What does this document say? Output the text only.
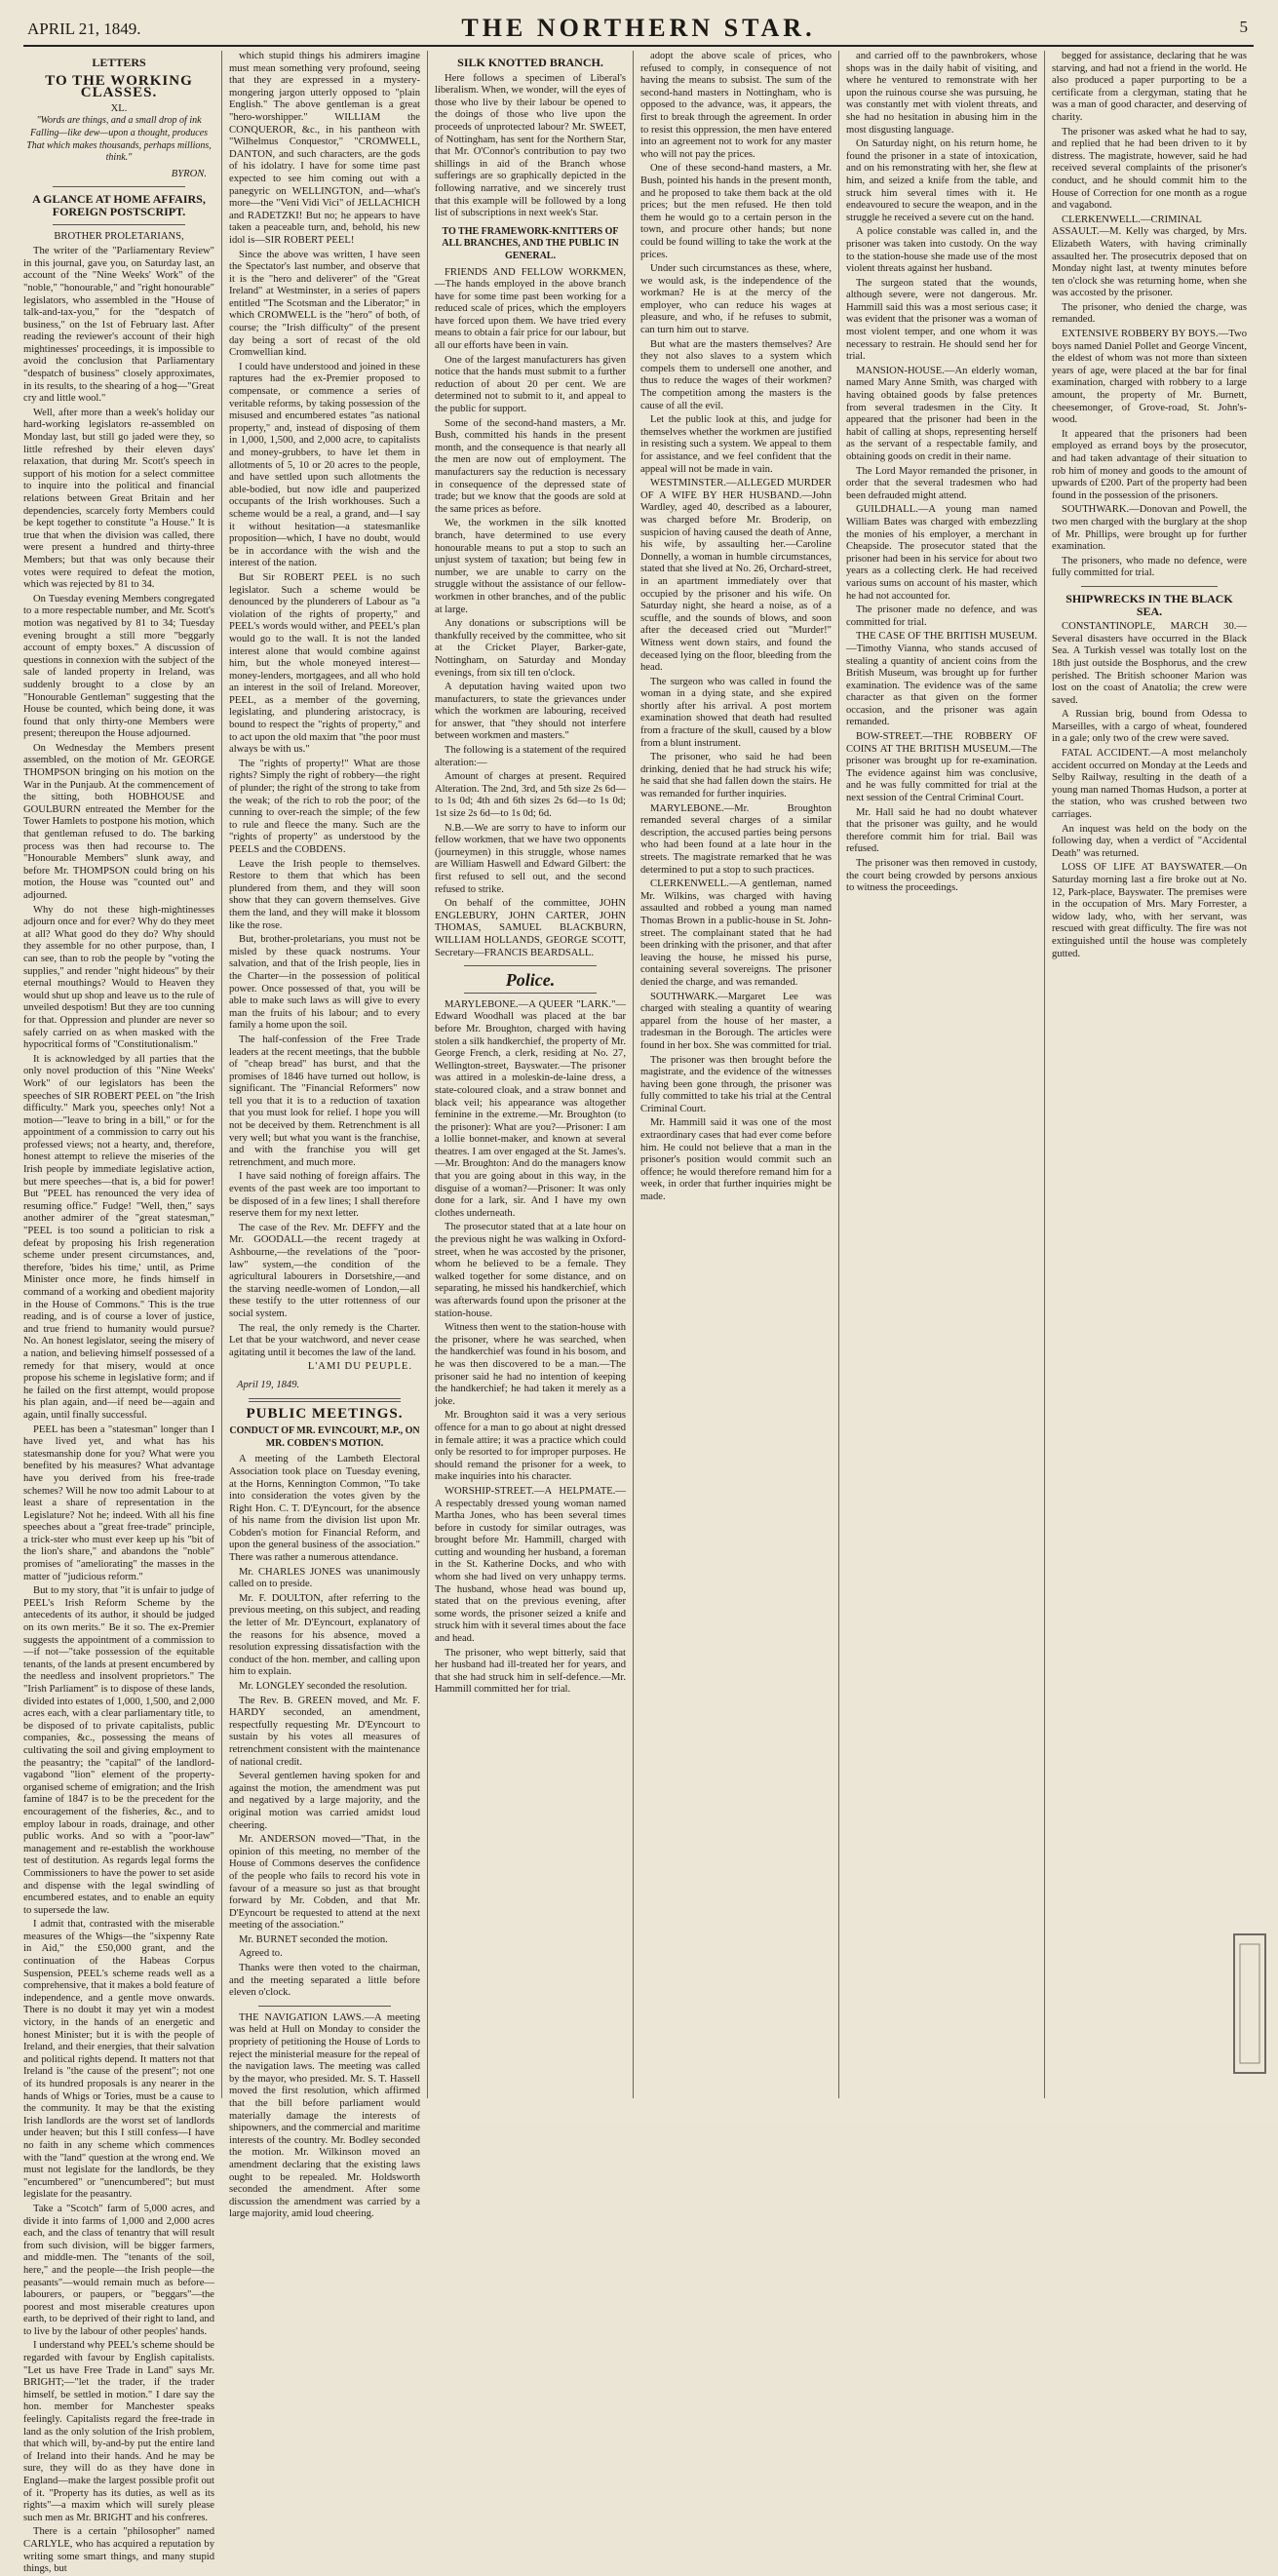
APRIL 21, 1849.	THE NORTHERN STAR.	5
LETTERS
TO THE WORKING CLASSES.
XL.
"Words are things, and a small drop of ink Falling—like dew—upon a thought, produces That which makes thousands, perhaps millions, think."
BYRON.
A GLANCE AT HOME AFFAIRS, FOREIGN POSTSCRIPT.
BROTHER PROLETARIANS,

The writer of the "Parliamentary Review" in this journal, gave you, on Saturday last, an account of the "Nine Weeks' Work" of the "noble," "honourable," and "right honourable" legislators, who assembled in the "House of talk-and-tax-you," for the "despatch of business," on the 1st of February last. After reading the reviewer's account of their high mightinesses' proceedings, it is impossible to avoid the conclusion that Parliamentary "despatch of business" closely approximates, in its results, to the shearing of a hog—"Great cry and little wool."

Well, after more than a week's holiday our hard-working legislators re-assembled on Monday last, but still go jaded were they, so little refreshed by their eleven days' relaxation, that during Mr. Scott's speech in support of his motion for a select committee to inquire into the political and financial relations between Great Britain and her dependencies, scarcely forty Members could be kept together to constitute "a House." It is true that when the division was called, there were present a hundred and thirty-three Members; but that was only because their votes were required to defeat the motion, which was rejected by 81 to 34.

On Tuesday evening Members congregated to a more respectable number, and Mr. Scott's motion was negatived by 81 to 34; Tuesday evening brought a still more "beggarly account of empty boxes." A discussion of questions in connexion with the subject of the sale of landed property in Ireland, was suddenly brought to a close by an "Honourable Gentleman" suggesting that the House be counted, which being done, it was found that only thirty-one Members were present; thereupon the House adjourned.

On Wednesday the Members present assembled, on the motion of Mr. GEORGE THOMPSON bringing on his motion on the War in the Punjaub. At the commencement of the sitting, both HOBHOUSE and GOULBURN entreated the Member for the Tower Hamlets to postpone his motion, which that gentleman refused to do. The barking process was then had recourse to. The "Honourable Members" slunk away, and before Mr. THOMPSON could bring on his motion, the House was "counted out" and adjourned.

Why do not these high-mightinesses adjourn once and for ever? Why do they meet at all? What good do they do? Why should they assemble for no other purpose, than, I can see, than to rob the people by "voting the supplies," and render "night hideous" by their eternal mouthings? Would to Heaven they would shut up shop and leave us to the rule of unveiled despotism! But they are too cunning for that. Oppression and plunder are never so safely carried on as when masked with the hypocritical forms of "Constitutionalism."

It is acknowledged by all parties that the only novel production of this "Nine Weeks' Work" of our legislators has been the speeches of SIR ROBERT PEEL on "the Irish difficulty." Mark you, speeches only! Not a motion—"leave to bring in a bill," or for the appointment of a commission to carry out his professed views; not a hearty, and, therefore, honest attempt to relieve the miseries of the Irish people by immediate legislative action, but mere speeches—that is, a bid for power! But "PEEL has renounced the very idea of resuming office." Fudge! "Well, then," says another admirer of the "great statesman," "PEEL is too sound a politician to risk a defeat by proposing his Irish regeneration scheme under present circumstances, and, therefore, 'bides his time,' until, as Prime Minister once more, he finds himself in command of a working and obedient majority in the House of Commons." This is the true reading, and is of course a lover of justice, and true friend to humanity would pursue? No. An honest legislator, seeing the misery of a nation, and believing himself possessed of a remedy for that misery, would at once propose his scheme in legislative form; and if he failed on the first attempt, would propose his plan again, and—if need be—again and again, until finally successful.

PEEL has been a "statesman" longer than I have lived yet, and what has his statesmanship done for you? What were you benefited by his measures? What advantage have you derived from his free-trade schemes? Will he now too admit Labour to at least a share of representation in the Legislature? Not he; indeed. With all his fine speeches about a "great free-trade" principle, a trick-ster who must ever keep up his "bit of the lion's share," and abandons the "noble" promises of "ameliorating" the masses in the matter of "judicious reform."

But to my story, that "it is unfair to judge of PEEL's Irish Reform Scheme by the antecedents of its author, it should be judged on its own merits." Be it so. The ex-Premier suggests the appointment of a commission to—if not—"take possession of the equitable tenants, of the lands at present encumbered by the needless and insolvent proprietors." The "Irish Parliament" is to dispose of these lands, divided into estates of 1,000, 1,500, and 2,000 acres each, with a clear parliamentary title, to be disposed of to private capitalists, public companies, &c., possessing the means of cultivating the soil and giving employment to the peasantry; the "capital" of the landlord-vagabond "lion" element of the property-organised scheme of emigration; and the Irish famine of 1847 is to be the precedent for the encouragement of the fisheries, &c., and to employ labour in roads, drainage, and other public works. And so with a "poor-law" management and re-establish the workhouse test of destitution. As regards legal forms the Commissioners to have the power to set aside and dispense with the legal swindling of encumbered estates, and to enable an equity to supersede the law.

I admit that, contrasted with the miserable measures of the Whigs—the "sixpenny Rate in Aid," the £50,000 grant, and the continuation of the Habeas Corpus Suspension, PEEL's scheme reads well as a comprehensive, that it makes a bold feature of independence, and a gentle move onwards. There is no doubt it may yet win a modest victory, in the hands of an energetic and honest Minister; but it is with the people of Ireland, and their energies, that their salvation and political rights depend. It matters not that Ireland is "the cause of the present"; not one of its hundred proposals is any nearer in the hands of Whigs or Tories, must be a cause to the community. It may be that the existing Irish landlords are the worst set of landlords under heaven; but this I still confess—I have no faith in any scheme which commences with the "land" question at the wrong end. We must not legislate for the landlords, be they "encumbered" or "unencumbered"; but must legislate for the peasantry.

Take a "Scotch" farm of 5,000 acres, and divide it into farms of 1,000 and 2,000 acres each, and the class of tenantry that will result from such division, will be bigger farmers, and middle-men. The "tenants of the soil, here," and the people—the Irish people—the peasants"—would remain much as before—labourers, or paupers, or "beggars"—the poorest and most miserable creatures upon earth, to be deprived of their right to land, and to live by the labour of other peoples' hands.

I understand why PEEL's scheme should be regarded with favour by English capitalists. "Let us have Free Trade in Land" says Mr. BRIGHT;—"let the trader, if the trader himself, be settled in motion." I dare say the hon. member for Manchester speaks feelingly. Capitalists regard the free-trade in land as the only solution of the Irish problem, that which will, by-and-by put the entire land of Ireland into their hands. And he may be sure, they will do as they have done in England—make the largest possible profit out of it. "Property has its duties, as well as its rights"—a maxim which will surely please such men as Mr. BRIGHT and his confreres.

There is a certain "philosopher" named CARLYLE, who has acquired a reputation by writing some smart things, and many stupid things, but

which stupid things his admirers imagine must mean something very profound, seeing that they are expressed in a mystery-mongering jargon utterly opposed to "plain English." The above gentleman is a great "hero-worshipper." WILLIAM the CONQUEROR, &c., in his pantheon with "Wilhelmus Conquestor," "CROMWELL, DANTON, and such characters, are the gods of his idolatry. I have for some time past expected to see him coming out with a panegyric on WELLINGTON, and—what's more—the "Veni Vidi Vici" of JELLACHICH and RADETZKI! But no; he appears to have taken a peaceable turn, and, behold, his new idol is—SIR ROBERT PEEL!

Since the above was written, I have seen the Spectator's last number, and observe that it is the "hero and deliverer" of the "Great Ireland" at Westminster, in a series of papers entitled "The Scotsman and the Liberator;" in which CROMWELL is the "hero" of both, of course; the "Irish difficulty" of the present day being a sort of recast of the old Cromwellian kind.

I could have understood and joined in these raptures had the ex-Premier proposed to compensate, or commence a series of veritable reforms, by taking possession of the misused and encumbered estates "as national property," and, instead of disposing of them in 1,000, 1,500, and 2,000 acre, to capitalists and money-grubbers, to have let them in allotments of 5, 10 or 20 acres to the people, and have settled upon such allotments the able-bodied, but now idle and pauperized occupants of the Irish workhouses. Such a scheme would be a real, a grand, and—I say it without hesitation—a statesmanlike proposition—which, I have no doubt, would be in accordance with the wish and the interest of the nation.

But Sir ROBERT PEEL is no such legislator. Such a scheme would be denounced by the plunderers of Labour as "a violation of the rights of property," and PEEL's words would wither, and PEEL's plan would go to the wall. It is not the landed interest alone that would combine against him, but the whole moneyed interest—money-lenders, mortgagees, and all who hold an interest in the soil of Ireland. Moreover, PEEL, as a member of the governing, legislating, and plundering aristocracy, is bound to respect the "rights of property," and to act upon the old maxim that "the poor must always be with us."

The "rights of property!" What are those rights? Simply the right of robbery—the right of plunder; the right of the strong to take from the weak; of the rich to rob the poor; of the cunning to over-reach the simple; of the few to rule and fleece the many. Such are the "rights of property" as understood by the PEELS and the COBDENS.

Leave the Irish people to themselves. Restore to them that which has been plundered from them, and they will soon show that they can govern themselves. Give them the land, and they will make it blossom like the rose.

But, brother-proletarians, you must not be misled by these quack nostrums. Your salvation, and that of the Irish people, lies in the Charter—in the possession of political power. Once possessed of that, you will be able to make such laws as will give to every man the fruits of his labour; and to every family a home upon the soil.

The half-confession of the Free Trade leaders at the recent meetings, that the bubble of "cheap bread" has burst, and that the promises of 1846 have turned out hollow, is significant. The "Financial Reformers" now tell you that it is to a reduction of taxation that you must look for relief. I hope you will not be deceived by them. Retrenchment is all very well; but what you want is the franchise, and with the franchise you will get retrenchment, and much more.

I have said nothing of foreign affairs. The events of the past week are too important to be disposed of in a few lines; I shall therefore reserve them for my next letter.

The case of the Rev. Mr. DEFFY and the Mr. GOODALL—the recent tragedy at Ashbourne,—the revelations of the "poor-law" system,—the condition of the agricultural labourers in Dorsetshire,—and the starving needle-women of London,—all these testify to the utter rottenness of our social system.

The real, the only remedy is the Charter. Let that be your watchword, and never cease agitating until it becomes the law of the land.

L'AMI DU PEUPLE.
April 19, 1849.
PUBLIC MEETINGS.
CONDUCT OF MR. EVINCOURT, M.P., ON MR. COBDEN'S MOTION.

A meeting of the Lambeth Electoral Association took place on Tuesday evening, at the Horns, Kennington Common, "To take into consideration the votes given by the Right Hon. C. T. D'Eyncourt, for the absence of his name from the division list upon Mr. Cobden's motion for Financial Reform, and upon the general business of the association." There was rather a numerous attendance.

Mr. CHARLES JONES was unanimously called on to preside.

Mr. F. DOULTON, after referring to the previous meeting, on this subject, and reading the letter of Mr. D'Eyncourt, explanatory of the reasons for his absence, moved a resolution expressing dissatisfaction with the conduct of the hon. member, and calling upon him to explain.

Mr. LONGLEY seconded the resolution.

The Rev. B. GREEN moved, and Mr. F. HARDY seconded, an amendment, respectfully requesting Mr. D'Eyncourt to sustain by his votes all measures of retrenchment consistent with the maintenance of national credit.

Several gentlemen having spoken for and against the motion, the amendment was put and negatived by a large majority, and the original motion was carried amidst loud cheering.

Mr. ANDERSON moved—"That, in the opinion of this meeting, no member of the House of Commons deserves the confidence of the people who fails to record his vote in favour of a measure so just as that brought forward by Mr. Cobden, and that Mr. D'Eyncourt be requested to attend at the next meeting of the association."

Mr. BURNET seconded the motion.

Agreed to.

Thanks were then voted to the chairman, and the meeting separated a little before eleven o'clock.

THE NAVIGATION LAWS.—A meeting was held at Hull on Monday to consider the propriety of petitioning the House of Lords to reject the ministerial measure for the repeal of the navigation laws. The meeting was called by the mayor, who presided. Mr. S. T. Hassell moved the first resolution, which affirmed that the bill before parliament would materially damage the interests of shipowners, and the commercial and maritime interests of the country. Mr. Bodley seconded the motion. Mr. Wilkinson moved an amendment declaring that the existing laws ought to be repealed. Mr. Holdsworth seconded the amendment. After some discussion the amendment was carried by a large majority, amid loud cheering.

SILK KNOTTED BRANCH.

Here follows a specimen of Liberal's liberalism. When, we wonder, will the eyes of those who live by their labour be opened to the doings of those who live upon the proceeds of unprotected labour? Mr. SWEET, of Nottingham, has sent for the Northern Star, that Mr. O'Connor's contribution to pay two shillings in aid of the Branch whose sufferings are so graphically depicted in the following narrative, and we sincerely trust that this example will be followed by a long list of subscriptions in next week's Star.

TO THE FRAMEWORK-KNITTERS OF ALL BRANCHES, AND THE PUBLIC IN GENERAL.

FRIENDS AND FELLOW WORKMEN,—The hands employed in the above branch have for some time past been working for a reduced scale of prices, which the employers have forced upon them. We have tried every means to obtain a fair price for our labour, but all our efforts have been in vain.

One of the largest manufacturers has given notice that the hands must submit to a further reduction of about 20 per cent. We are determined not to submit to it, and appeal to the public for support.

Some of the second-hand masters, a Mr. Bush, committed his hands in the present month, and the consequence is that nearly all the men are now out of employment. The manufacturers say the reduction is necessary in consequence of the depressed state of trade; but we know that the goods are sold at the same prices as before.

We, the workmen in the silk knotted branch, have determined to use every honourable means to put a stop to such an unjust system of taxation; but being few in number, we are unable to carry on the struggle without the assistance of our fellow-workmen in other branches, and of the public at large.

Any donations or subscriptions will be thankfully received by the committee, who sit at the Cricket Player, Barker-gate, Nottingham, on Saturday and Monday evenings, from six till ten o'clock.

A deputation having waited upon two manufacturers, to state the grievances under which the workmen are labouring, received for answer, that "they should not interfere between workmen and masters."

The following is a statement of the required alteration:—

Amount of charges at present. Required Alteration. The 2nd, 3rd, and 5th size 2s 6d—to 1s 0d; 4th and 6th sizes 2s 6d—to 1s 0d; 1st size 2s 6d—to 1s 0d; 6d.

N.B.—We are sorry to have to inform our fellow workmen, that we have two opponents (journeymen) in this struggle, whose names are William Haswell and Edward Gilbert: the first refused to sell out, and the second refused to strike.

On behalf of the committee, JOHN ENGLEBURY, JOHN CARTER, JOHN THOMAS, SAMUEL BLACKBURN, WILLIAM HOLLANDS, GEORGE SCOTT, Secretary—FRANCIS BEARDSALL.

Police.

MARYLEBONE.—A QUEER "LARK."—Edward Woodhall was placed at the bar before Mr. Broughton, charged with having stolen a silk handkerchief, the property of Mr. George French, a clerk, residing at No. 27, Wellington-street, Bayswater.—The prisoner was attired in a moleskin-de-laine dress, a state-coloured cloak, and a straw bonnet and black veil; his appearance was altogether feminine in the extreme.—Mr. Broughton (to the prisoner): What are you?—Prisoner: I am a lollie bonnet-maker, and known at several theatres. I am over engaged at the St. James's.—Mr. Broughton: And do the managers know that you are going about in this way, in the disguise of a woman?—Prisoner: It was only done for a lark, sir. And I have my own clothes underneath.

The prosecutor stated that at a late hour on the previous night he was walking in Oxford-street, when he was accosted by the prisoner, whom he believed to be a female. They walked together for some distance, and on separating, he missed his handkerchief, which was afterwards found upon the prisoner at the station-house.

Witness then went to the station-house with the prisoner, where he was searched, when the handkerchief was found in his bosom, and he was then discovered to be a man.—The prisoner said he had no intention of keeping the handkerchief; he had taken it merely as a joke.

Mr. Broughton said it was a very serious offence for a man to go about at night dressed in female attire; it was a practice which could only be resorted to for improper purposes. He should remand the prisoner for a week, to make inquiries into his character.

WORSHIP-STREET.—A HELPMATE.—A respectably dressed young woman named Martha Jones, who has been several times before in custody for similar outrages, was brought before Mr. Hammill, charged with cutting and wounding her husband, a foreman in the St. Katherine Docks, and who with whom she had lived on very unhappy terms. The husband, whose head was bound up, stated that on the previous evening, after some words, the prisoner seized a knife and struck him with it several times about the face and head.

The prisoner, who wept bitterly, said that her husband had ill-treated her for years, and that she had struck him in self-defence.—Mr. Hammill committed her for trial.

adopt the above scale of prices, who refused to comply, in consequence of not having the means to subsist. The sum of the second-hand masters in Nottingham, who is opposed to the advance, was, it appears, the first to break through the agreement. In order to resist this oppression, the men have entered into an agreement not to work for any master who will not pay the prices.

One of these second-hand masters, a Mr. Bush, pointed his hands in the present month, and he proposed to take them back at the old prices; but the men refused. He then told them he would go to a certain person in the town, and procure other hands; but none could be found willing to take the work at the prices.

Under such circumstances as these, where, we would ask, is the independence of the workman? He is at the mercy of the employer, who can reduce his wages at pleasure, and who, if he refuses to submit, can turn him out to starve.

But what are the masters themselves? Are they not also slaves to a system which compels them to undersell one another, and thus to reduce the wages of their workmen? The competition among the masters is the cause of all the evil.

Let the public look at this, and judge for themselves whether the workmen are justified in resisting such a system. We appeal to them for assistance, and we feel confident that the appeal will not be made in vain.

WESTMINSTER.—ALLEGED MURDER OF A WIFE BY HER HUSBAND.—John Wardley, aged 40, described as a labourer, was charged before Mr. Broderip, on suspicion of having caused the death of Anne, his wife, by assaulting her.—Caroline Donnelly, a woman in humble circumstances, stated that she lived at No. 26, Orchard-street, in an apartment immediately over that occupied by the prisoner and his wife. On Saturday night, she heard a noise, as of a scuffle, and the sounds of blows, and soon after the deceased cried out "Murder!" Witness went down stairs, and found the deceased lying on the floor, bleeding from the head.

The surgeon who was called in found the woman in a dying state, and she expired shortly after his arrival. A post mortem examination showed that death had resulted from a fracture of the skull, caused by a blow from a blunt instrument.

The prisoner, who said he had been drinking, denied that he had struck his wife; he said that she had fallen down the stairs. He was remanded for further inquiries.

MARYLEBONE.—Mr. Broughton remanded several charges of a similar description, the accused parties being persons who had been found at a late hour in the streets. The magistrate remarked that he was determined to put a stop to such practices.

CLERKENWELL.—A gentleman, named Mr. Wilkins, was charged with having assaulted and robbed a young man named Thomas Brown in a public-house in St. John-street. The complainant stated that he had been drinking with the prisoner, and that after leaving the house, he missed his purse, containing several sovereigns. The prisoner denied the charge, and was remanded.

SOUTHWARK.—Margaret Lee was charged with stealing a quantity of wearing apparel from the house of her master, a tradesman in the Borough. The articles were found in her box. She was committed for trial.

The prisoner was then brought before the magistrate, and the evidence of the witnesses having been gone through, the prisoner was fully committed to take his trial at the Central Criminal Court.

Mr. Hammill said it was one of the most extraordinary cases that had ever come before him. He could not believe that a man in the prisoner's position would commit such an offence; he would therefore remand him for a week, in order that further inquiries might be made.

and carried off to the pawnbrokers, whose shops was in the daily habit of visiting, and where he ventured to remonstrate with her upon the ruinous course she was pursuing, he was constantly met with violent threats, and she had no hesitation in abusing him in the most disgusting language.

On Saturday night, on his return home, he found the prisoner in a state of intoxication, and on his remonstrating with her, she flew at him, and seized a knife from the table, and struck him several times with it. He endeavoured to secure the weapon, and in the struggle he received a severe cut on the hand.

A police constable was called in, and the prisoner was taken into custody. On the way to the station-house she made use of the most violent threats against her husband.

The surgeon stated that the wounds, although severe, were not dangerous. Mr. Hammill said this was a most serious case; it was evident that the prisoner was a woman of most violent temper, and one whom it was necessary to restrain. He should send her for trial.

MANSION-HOUSE.—An elderly woman, named Mary Anne Smith, was charged with having obtained goods by false pretences from several tradesmen in the City. It appeared that the prisoner had been in the habit of calling at shops, representing herself as the servant of a respectable family, and obtaining goods on credit in their name.

The Lord Mayor remanded the prisoner, in order that the several tradesmen who had been defrauded might attend.

GUILDHALL.—A young man named William Bates was charged with embezzling the monies of his employer, a merchant in Cheapside. The prosecutor stated that the prisoner had been in his service for about two years as a collecting clerk. He had received various sums on account of his master, which he had not accounted for.

The prisoner made no defence, and was committed for trial.

THE CASE OF THE BRITISH MUSEUM.—Timothy Vianna, who stands accused of stealing a quantity of ancient coins from the British Museum, was brought up for further examination. The evidence was of the same character as that given on the former occasion, and the prisoner was again remanded.

BOW-STREET.—THE ROBBERY OF COINS AT THE BRITISH MUSEUM.—The prisoner was brought up for re-examination. The evidence against him was conclusive, and he was fully committed for trial at the next session of the Central Criminal Court.

Mr. Hall said he had no doubt whatever that the prisoner was guilty, and he would therefore commit him for trial. Bail was refused.

The prisoner was then removed in custody, the court being crowded by persons anxious to witness the proceedings.

begged for assistance, declaring that he was starving, and had not a friend in the world. He also produced a paper purporting to be a certificate from a clergyman, stating that he was a man of good character, and deserving of charity.

The prisoner was asked what he had to say, and replied that he had been driven to it by distress. The magistrate, however, said he had received several complaints of the prisoner's conduct, and he should commit him to the House of Correction for one month as a rogue and vagabond.

CLERKENWELL.—CRIMINAL ASSAULT.—M. Kelly was charged, by Mrs. Elizabeth Waters, with having criminally assaulted her. The prosecutrix deposed that on Monday night last, at twenty minutes before ten o'clock she was returning home, when she was accosted by the prisoner.

The prisoner, who denied the charge, was remanded.

EXTENSIVE ROBBERY BY BOYS.—Two boys named Daniel Pollet and George Vincent, the eldest of whom was not more than sixteen years of age, were placed at the bar for final examination, charged with robbery to a large amount, the property of Mr. Burnett, cheesemonger, of Grove-road, St. John's-wood.

It appeared that the prisoners had been employed as errand boys by the prosecutor, and had taken advantage of their situation to rob him of money and goods to the amount of upwards of £200. Part of the property had been found in the possession of the prisoners.

SOUTHWARK.—Donovan and Powell, the two men charged with the burglary at the shop of Mr. Phillips, were brought up for further examination.

The prisoners, who made no defence, were fully committed for trial.

SHIPWRECKS IN THE BLACK SEA.

CONSTANTINOPLE, MARCH 30.—Several disasters have occurred in the Black Sea. A Turkish vessel was totally lost on the 18th just outside the Bosphorus, and the crew perished. The British schooner Marion was lost on the coast of Anatolia; the crew were saved.

A Russian brig, bound from Odessa to Marseilles, with a cargo of wheat, foundered in a gale; only two of the crew were saved.

FATAL ACCIDENT.—A most melancholy accident occurred on Monday at the Leeds and Selby Railway, resulting in the death of a young man named Thomas Hudson, a porter at the station, who was crushed between two carriages.

An inquest was held on the body on the following day, when a verdict of "Accidental Death" was returned.

LOSS OF LIFE AT BAYSWATER.—On Saturday morning last a fire broke out at No. 12, Park-place, Bayswater. The premises were in the occupation of Mrs. Mary Forrester, a widow lady, who, with her servant, was rescued with great difficulty. The fire was not extinguished until the house was completely gutted.
